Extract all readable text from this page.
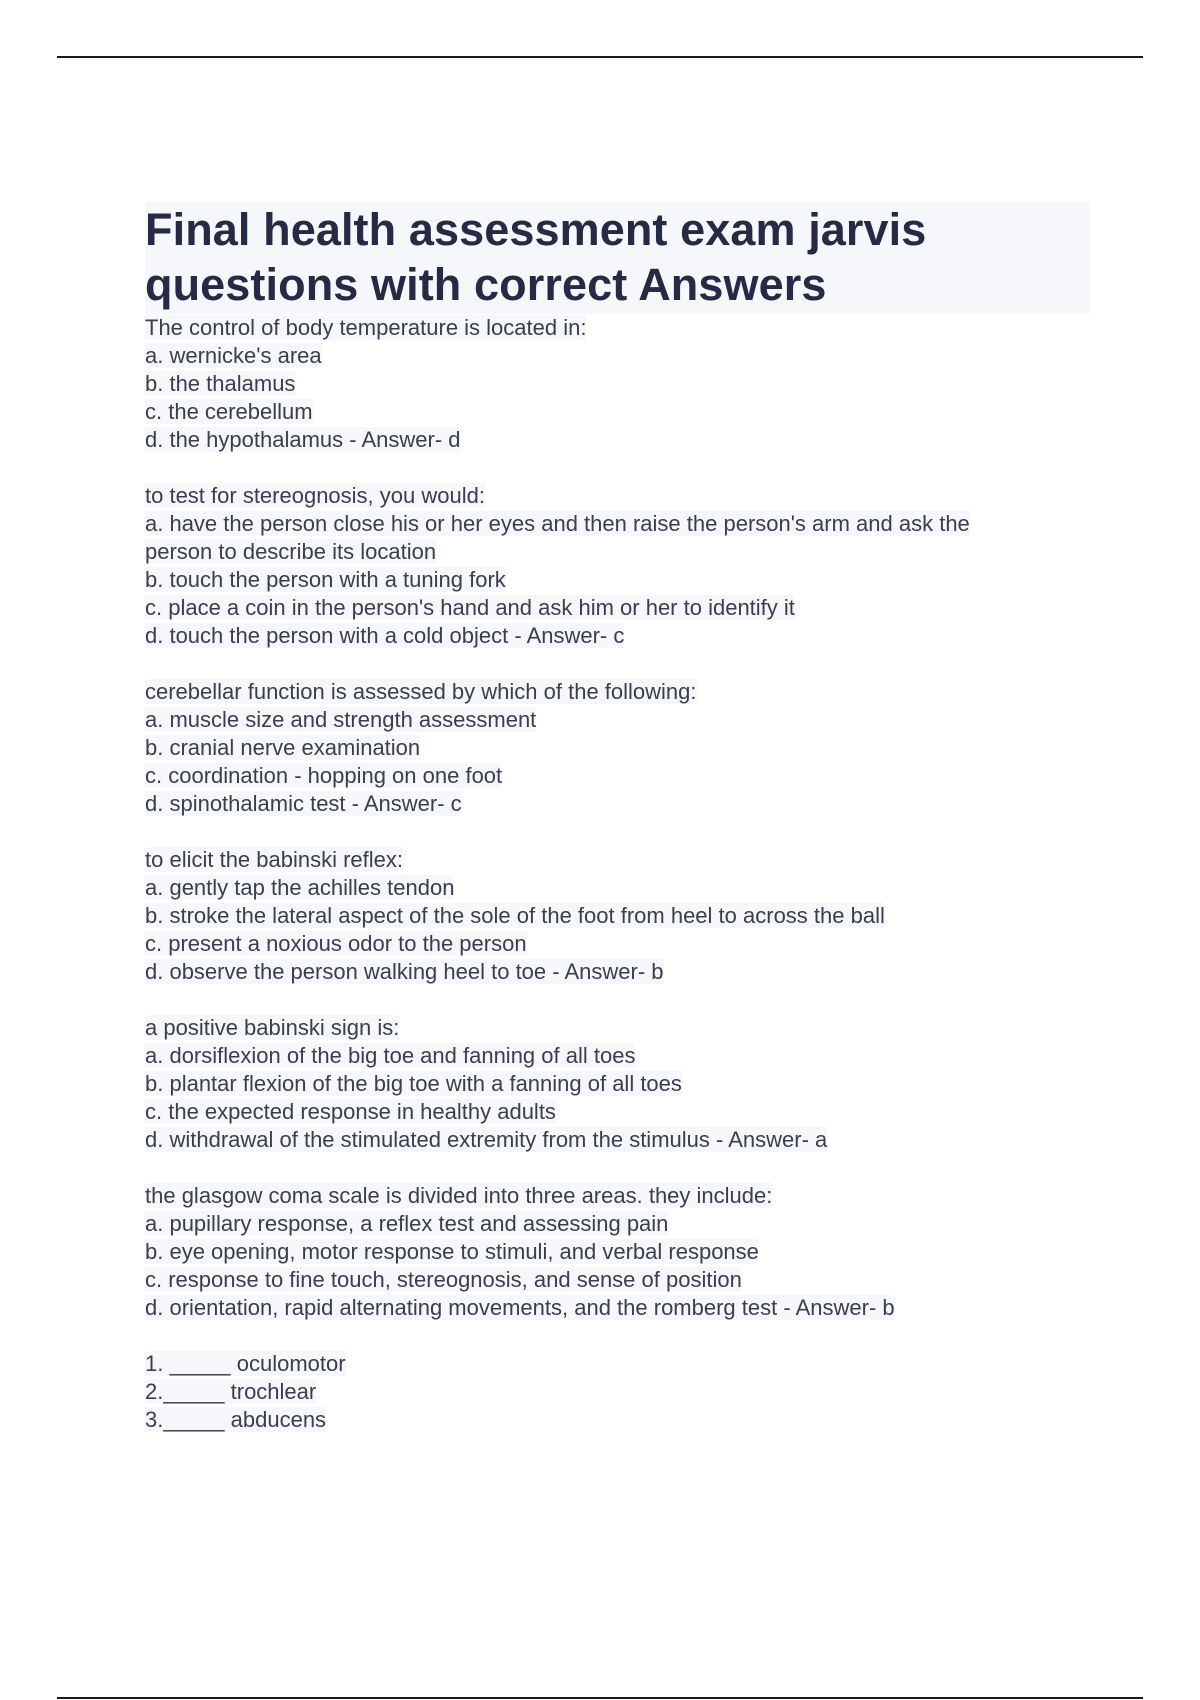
Final health assessment exam jarvis
questions with correct Answers
The control of body temperature is located in:
a. wernicke's area
b. the thalamus
c. the cerebellum
d. the hypothalamus - Answer- d
to test for stereognosis, you would:
a. have the person close his or her eyes and then raise the person's arm and ask the
person to describe its location
b. touch the person with a tuning fork
c. place a coin in the person's hand and ask him or her to identify it
d. touch the person with a cold object - Answer- c
cerebellar function is assessed by which of the following:
a. muscle size and strength assessment
b. cranial nerve examination
c. coordination - hopping on one foot
d. spinothalamic test - Answer- c
to elicit the babinski reflex:
a. gently tap the achilles tendon
b. stroke the lateral aspect of the sole of the foot from heel to across the ball
c. present a noxious odor to the person
d. observe the person walking heel to toe - Answer- b
a positive babinski sign is:
a. dorsiflexion of the big toe and fanning of all toes
b. plantar flexion of the big toe with a fanning of all toes
c. the expected response in healthy adults
d. withdrawal of the stimulated extremity from the stimulus - Answer- a
the glasgow coma scale is divided into three areas. they include:
a. pupillary response, a reflex test and assessing pain
b. eye opening, motor response to stimuli, and verbal response
c. response to fine touch, stereognosis, and sense of position
d. orientation, rapid alternating movements, and the romberg test - Answer- b
1. _____ oculomotor
2._____ trochlear
3._____ abducens
